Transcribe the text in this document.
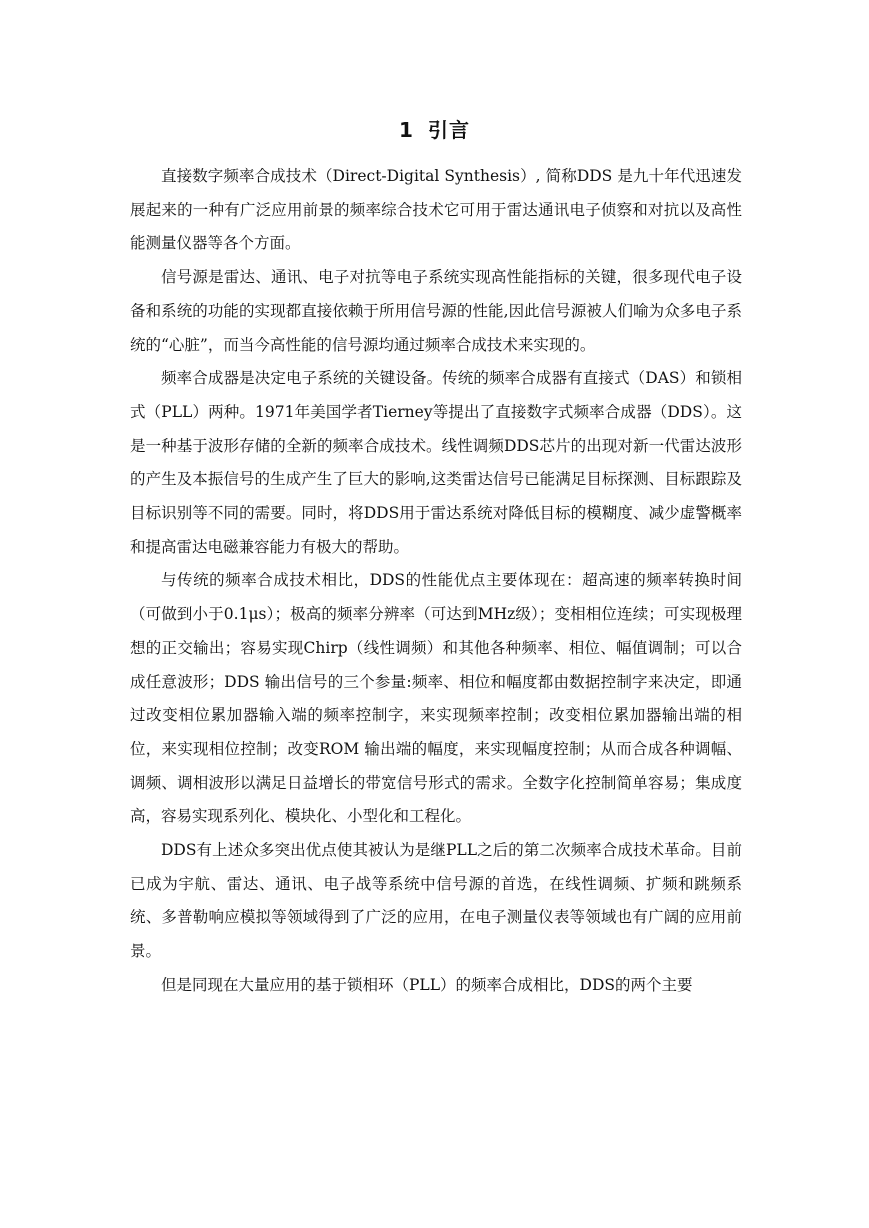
1 引言

直接数字频率合成技术（Direct-Digital Synthesis）, 简称DDS 是九十年代迅速发展起来的一种有广泛应用前景的频率综合技术它可用于雷达通讯电子侦察和对抗以及高性能测量仪器等各个方面。

信号源是雷达、通讯、电子对抗等电子系统实现高性能指标的关键，很多现代电子设备和系统的功能的实现都直接依赖于所用信号源的性能,因此信号源被人们喻为众多电子系统的“心脏”，而当今高性能的信号源均通过频率合成技术来实现的。

频率合成器是决定电子系统的关键设备。传统的频率合成器有直接式（DAS）和锁相式（PLL）两种。1971年美国学者Tierney等提出了直接数字式频率合成器（DDS）。这是一种基于波形存储的全新的频率合成技术。线性调频DDS芯片的出现对新一代雷达波形的产生及本振信号的生成产生了巨大的影响,这类雷达信号已能满足目标探测、目标跟踪及目标识别等不同的需要。同时，将DDS用于雷达系统对降低目标的模糊度、减少虚警概率和提高雷达电磁兼容能力有极大的帮助。

与传统的频率合成技术相比，DDS的性能优点主要体现在：超高速的频率转换时间（可做到小于0.1μs）；极高的频率分辨率（可达到MHz级）；变相相位连续；可实现极理想的正交输出；容易实现Chirp（线性调频）和其他各种频率、相位、幅值调制；可以合成任意波形；DDS 输出信号的三个参量:频率、相位和幅度都由数据控制字来决定，即通过改变相位累加器输入端的频率控制字，来实现频率控制；改变相位累加器输出端的相位，来实现相位控制；改变ROM 输出端的幅度，来实现幅度控制；从而合成各种调幅、调频、调相波形以满足日益增长的带宽信号形式的需求。全数字化控制简单容易；集成度高，容易实现系列化、模块化、小型化和工程化。

DDS有上述众多突出优点使其被认为是继PLL之后的第二次频率合成技术革命。目前已成为宇航、雷达、通讯、电子战等系统中信号源的首选，在线性调频、扩频和跳频系统、多普勒响应模拟等领域得到了广泛的应用，在电子测量仪表等领域也有广阔的应用前景。

但是同现在大量应用的基于锁相环（PLL）的频率合成相比，DDS的两个主要
